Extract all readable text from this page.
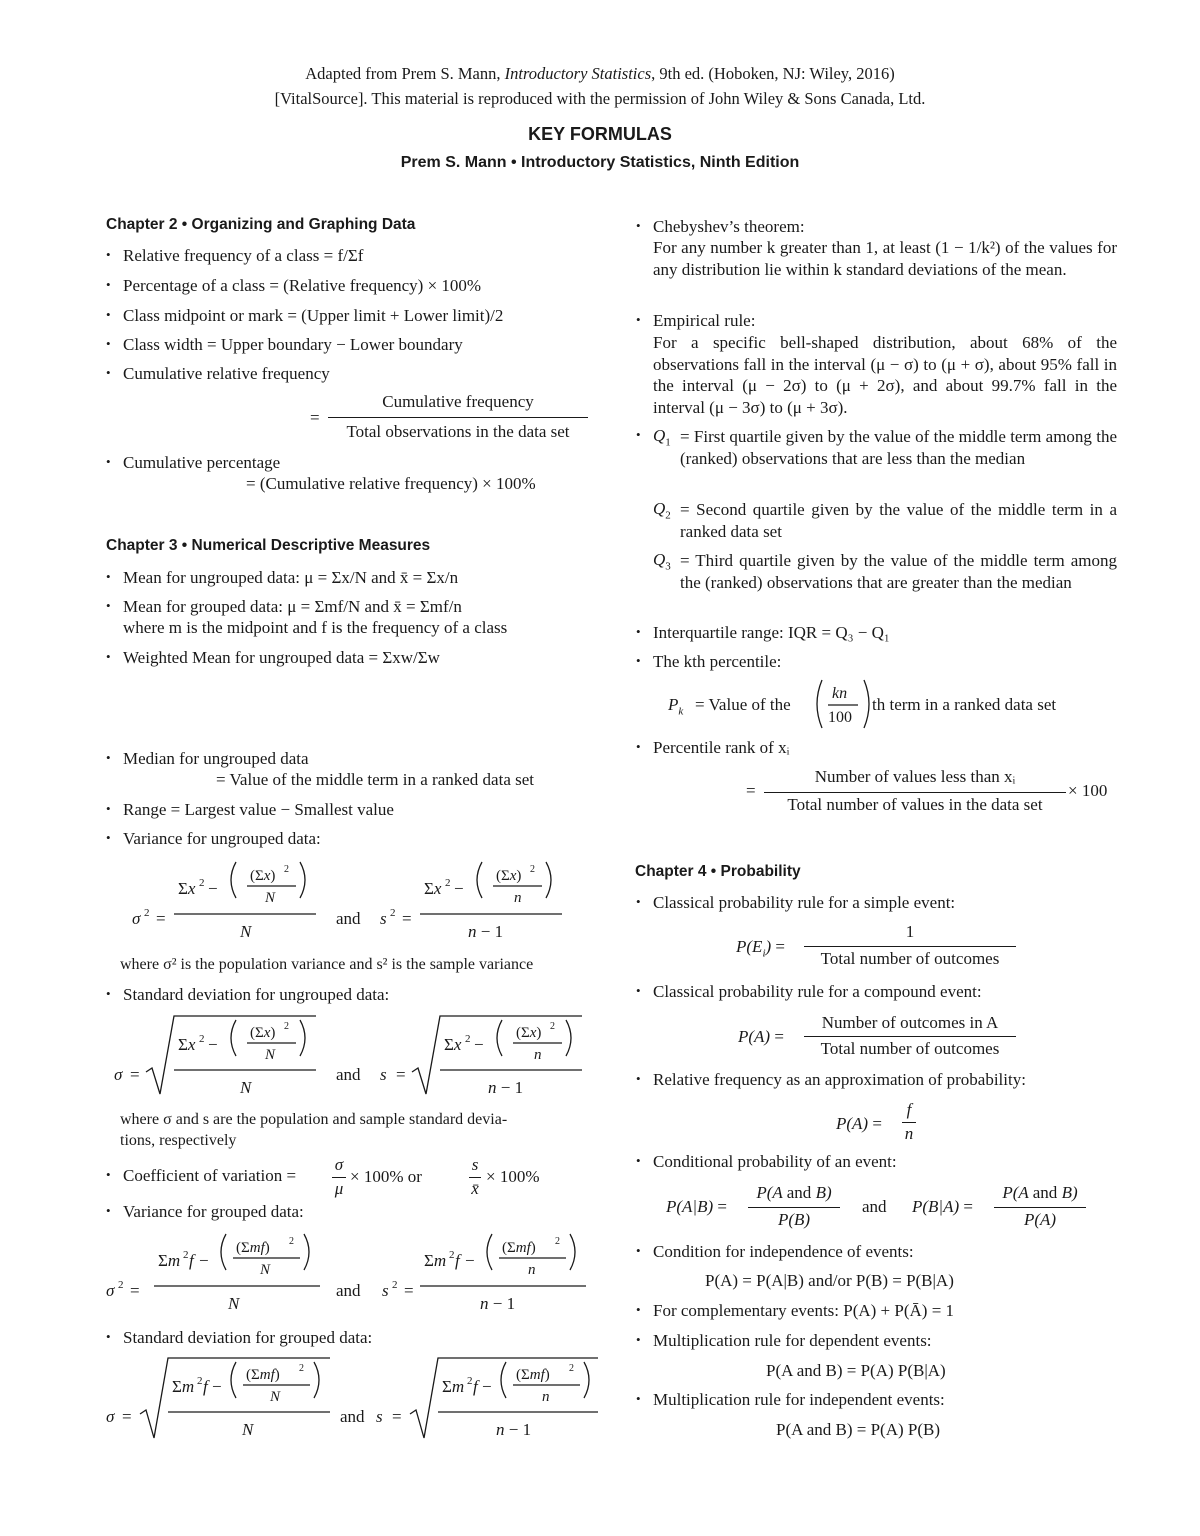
Adapted from Prem S. Mann, Introductory Statistics, 9th ed. (Hoboken, NJ: Wiley, 2016)
[VitalSource]. This material is reproduced with the permission of John Wiley & Sons Canada, Ltd.
KEY FORMULAS
Prem S. Mann • Introductory Statistics, Ninth Edition
Chapter 2 • Organizing and Graphing Data
• Relative frequency of a class = f/Σf
• Percentage of a class = (Relative frequency) × 100%
• Class midpoint or mark = (Upper limit + Lower limit)/2
• Class width = Upper boundary − Lower boundary
• Cumulative relative frequency
=
Cumulative frequency
Total observations in the data set
• Cumulative percentage
= (Cumulative relative frequency) × 100%
Chapter 3 • Numerical Descriptive Measures
• Mean for ungrouped data: μ = Σx/N and x̄ = Σx/n
• Mean for grouped data: μ = Σmf/N and x̄ = Σmf/n
where m is the midpoint and f is the frequency of a class
• Weighted Mean for ungrouped data = Σxw/Σw
• Median for ungrouped data
= Value of the middle term in a ranked data set
• Range = Largest value − Smallest value
• Variance for ungrouped data:
σ 2 =
Σx 2 −
(Σx) 2
N
N
and s 2 =
Σx 2 −
(Σx) 2
n
n − 1
where σ² is the population variance and s² is the sample variance
• Standard deviation for ungrouped data:
σ =
Σx 2 −
(Σx) 2
N
N
and s =
Σx 2 −
(Σx) 2
n
n − 1
where σ and s are the population and sample standard devia-
tions, respectively
• Coefficient of variation =
σ
μ
× 100% or
s
x̄
× 100%
• Variance for grouped data:
σ 2 =
Σm 2 f −
(Σmf) 2
N
N
and s 2 =
Σm 2 f −
(Σmf) 2
n
n − 1
• Standard deviation for grouped data:
σ =
Σm 2 f −
(Σmf) 2
N
N
and s =
Σm 2 f −
(Σmf) 2
n
n − 1
• Chebyshev’s theorem:
For any number k greater than 1, at least (1 − 1/k²) of the values for any distribution lie within k standard deviations of the mean.
• Empirical rule:
For a specific bell-shaped distribution, about 68% of the observations fall in the interval (μ − σ) to (μ + σ), about 95% fall in the interval (μ − 2σ) to (μ + 2σ), and about 99.7% fall in the interval (μ − 3σ) to (μ + 3σ).
• $Q_1$ = First quartile given by the value of the middle term among the (ranked) observations that are less than the median
$Q_2$ = Second quartile given by the value of the middle term in a ranked data set
$Q_3$ = Third quartile given by the value of the middle term among the (ranked) observations that are greater than the median
• Interquartile range: IQR = Q₃ − Q₁
• The kth percentile:
$P_k$ = Value of the
kn
100
th term in a ranked data set
• Percentile rank of xᵢ
=
Number of values less than xᵢ
Total number of values in the data set
× 100
Chapter 4 • Probability
• Classical probability rule for a simple event:
$P(E_i)$ =
1
Total number of outcomes
• Classical probability rule for a compound event:
P(A) =
Number of outcomes in A
Total number of outcomes
• Relative frequency as an approximation of probability:
P(A) =
f
n
• Conditional probability of an event:
P(A|B) =
P(A and B)
P(B)
and P(B|A) =
P(A and B)
P(A)
• Condition for independence of events:
P(A) = P(A|B) and/or P(B) = P(B|A)
• For complementary events: P(A) + P(Ā) = 1
• Multiplication rule for dependent events:
P(A and B) = P(A) P(B|A)
• Multiplication rule for independent events:
P(A and B) = P(A) P(B)
